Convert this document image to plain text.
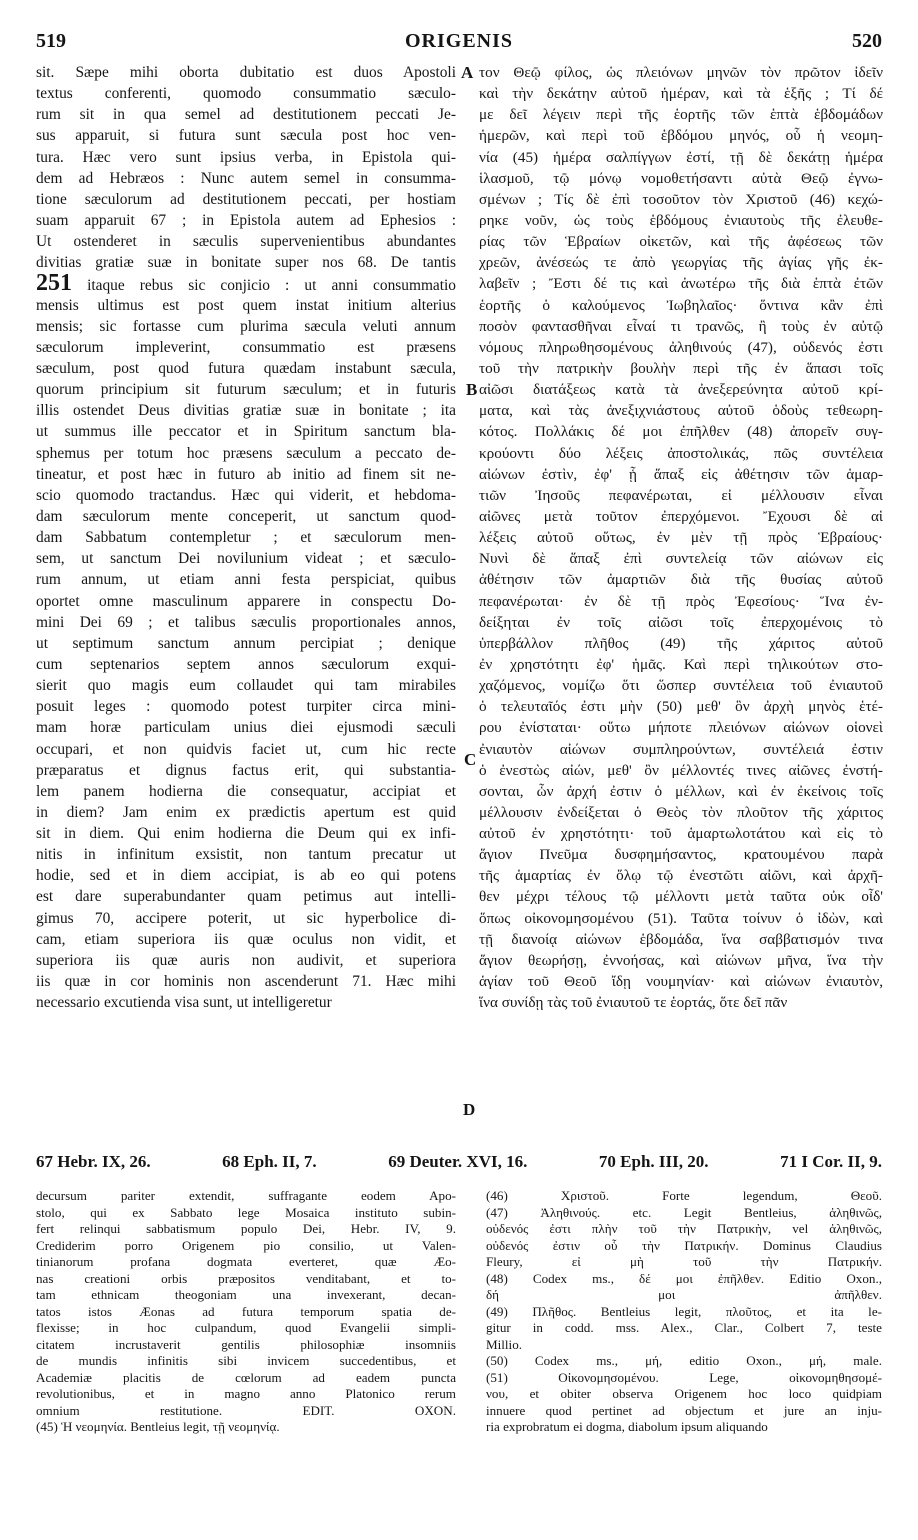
519	ORIGENIS	520
sit. Sæpe mihi oborta dubitatio est duos Apostoli
textus conferenti, quomodo consummatio sæculo-
rum sit in qua semel ad destitutionem peccati Je-
sus apparuit, si futura sunt sæcula post hoc ven-
tura. Hæc vero sunt ipsius verba, in Epistola qui-
dem ad Hebræos : Nunc autem semel in consumma-
tione sæculorum ad destitutionem peccati, per hostiam
suam apparuit 67 ; in Epistola autem ad Ephesios :
Ut ostenderet in sæculis supervenientibus abundantes
divitias gratiæ suæ in bonitate super nos 68. De tantis
251 itaque rebus sic conjicio : ut anni consummatio
mensis ultimus est post quem instat initium alterius
mensis; sic fortasse cum plurima sæcula veluti annum
sæculorum impleverint, consummatio est præsens
sæculum, post quod futura quædam instabunt sæcula,
quorum principium sit futurum sæculum; et in futuris
illis ostendet Deus divitias gratiæ suæ in bonitate ; ita
ut summus ille peccator et in Spiritum sanctum bla-
sphemus per totum hoc præsens sæculum a peccato de-
tineatur, et post hæc in futuro ab initio ad finem sit ne-
scio quomodo tractandus. Hæc qui viderit, et hebdoma-
dam sæculorum mente conceperit, ut sanctum quod-
dam Sabbatum contempletur ; et sæculorum men-
sem, ut sanctum Dei novilunium videat ; et sæculo-
rum annum, ut etiam anni festa perspiciat, quibus
oportet omne masculinum apparere in conspectu Do-
mini Dei 69 ; et talibus sæculis proportionales annos,
ut septimum sanctum annum percipiat ; denique
cum septenarios septem annos sæculorum exqui-
sierit quo magis eum collaudet qui tam mirabiles
posuit leges : quomodo potest turpiter circa mini-
mam horæ particulam unius diei ejusmodi sæculi
occupari, et non quidvis faciet ut, cum hic recte
præparatus et dignus factus erit, qui substantia-
lem panem hodierna die consequatur, accipiat et
in diem? Jam enim ex prædictis apertum est quid
sit in diem. Qui enim hodierna die Deum qui ex infi-
nitis in infinitum exsistit, non tantum precatur ut
hodie, sed et in diem accipiat, is ab eo qui potens
est dare superabundanter quam petimus aut intelli-
gimus 70, accipere poterit, ut sic hyperbolice di-
cam, etiam superiora iis quæ oculus non vidit, et
superiora iis quæ auris non audivit, et superiora
iis quæ in cor hominis non ascenderunt 71. Hæc mihi
necessario excutienda visa sunt, ut intelligeretur
τον Θεῷ φίλος, ὡς πλειόνων μηνῶν τὸν πρῶτον ἰδεῖν
καὶ τὴν δεκάτην αὐτοῦ ἡμέραν, καὶ τὰ ἑξῆς ; Τί δέ
με δεῖ λέγειν περὶ τῆς ἑορτῆς τῶν ἑπτὰ ἑβδομάδων
ἡμερῶν, καὶ περὶ τοῦ ἑβδόμου μηνός, οὗ ἡ νεομη-
νία (45) ἡμέρα σαλπίγγων ἐστί, τῇ δὲ δεκάτῃ ἡμέρα
ἱλασμοῦ, τῷ μόνῳ νομοθετήσαντι αὐτὰ Θεῷ ἐγνω-
σμένων ; Τίς δὲ ἐπὶ τοσοῦτον τὸν Χριστοῦ (46) κεχώ-
ρηκε νοῦν, ὡς τοὺς ἑβδόμους ἐνιαυτοὺς τῆς ἐλευθε-
ρίας τῶν Ἑβραίων οἰκετῶν, καὶ τῆς ἀφέσεως τῶν
χρεῶν, ἀνέσεώς τε ἀπὸ γεωργίας τῆς ἁγίας γῆς ἐκ-
λαβεῖν ; Ἔστι δέ τις καὶ ἀνωτέρω τῆς διὰ ἑπτὰ ἐτῶν
ἑορτῆς ὁ καλούμενος Ἰωβηλαῖος· ὅντινα κἂν ἐπὶ
ποσὸν φαντασθῆναι εἶναί τι τρανῶς, ἢ τοὺς ἐν αὐτῷ
νόμους πληρωθησομένους ἀληθινούς (47), οὐδενός ἐστι
τοῦ τὴν πατρικὴν βουλὴν περὶ τῆς ἐν ἅπασι τοῖς
αἰῶσι διατάξεως κατὰ τὰ ἀνεξερεύνητα αὐτοῦ κρί-
ματα, καὶ τὰς ἀνεξιχνιάστους αὐτοῦ ὁδοὺς τεθεωρη-
κότος. Πολλάκις δέ μοι ἐπῆλθεν (48) ἀπορεῖν συγ-
κρούοντι δύο λέξεις ἀποστολικάς, πῶς συντέλεια
αἰώνων ἐστὶν, ἐφ' ᾗ ἅπαξ εἰς ἀθέτησιν τῶν ἁμαρ-
τιῶν Ἰησοῦς πεφανέρωται, εἰ μέλλουσιν εἶναι
αἰῶνες μετὰ τοῦτον ἐπερχόμενοι. Ἔχουσι δὲ αἱ
λέξεις αὐτοῦ οὕτως, ἐν μὲν τῇ πρὸς Ἑβραίους·
Νυνὶ δὲ ἅπαξ ἐπὶ συντελείᾳ τῶν αἰώνων εἰς
ἀθέτησιν τῶν ἁμαρτιῶν διὰ τῆς θυσίας αὐτοῦ
πεφανέρωται· ἐν δὲ τῇ πρὸς Ἐφεσίους· Ἵνα ἐν-
δείξηται ἐν τοῖς αἰῶσι τοῖς ἐπερχομένοις τὸ
ὑπερβάλλον πλῆθος (49) τῆς χάριτος αὐτοῦ
ἐν χρηστότητι ἐφ' ἡμᾶς. Καὶ περὶ τηλικούτων στο-
χαζόμενος, νομίζω ὅτι ὥσπερ συντέλεια τοῦ ἐνιαυτοῦ
ὁ τελευταῖός ἐστι μὴν (50) μεθ' ὃν ἀρχὴ μηνὸς ἑτέ-
ρου ἐνίσταται· οὕτω μήποτε πλειόνων αἰώνων οἱονεὶ
ἐνιαυτὸν αἰώνων συμπληρούντων, συντέλειά ἐστιν
ὁ ἐνεστὼς αἰών, μεθ' ὃν μέλλοντές τινες αἰῶνες ἐνστή-
σονται, ὧν ἀρχή ἐστιν ὁ μέλλων, καὶ ἐν ἐκείνοις τοῖς
μέλλουσιν ἐνδείξεται ὁ Θεὸς τὸν πλοῦτον τῆς χάριτος
αὐτοῦ ἐν χρηστότητι· τοῦ ἁμαρτωλοτάτου καὶ εἰς τὸ
ἅγιον Πνεῦμα δυσφημήσαντος, κρατουμένου παρὰ
τῆς ἁμαρτίας ἐν ὅλῳ τῷ ἐνεστῶτι αἰῶνι, καὶ ἀρχῆ-
θεν μέχρι τέλους τῷ μέλλοντι μετὰ ταῦτα οὐκ οἶδ'
ὅπως οἰκονομησομένου (51). Ταῦτα τοίνυν ὁ ἰδὼν, καὶ
τῇ διανοίᾳ αἰώνων ἑβδομάδα, ἵνα σαββατισμόν τινα
ἅγιον θεωρήσῃ, ἐννοήσας, καὶ αἰώνων μῆνα, ἵνα τὴν
ἁγίαν τοῦ Θεοῦ ἴδῃ νουμηνίαν· καὶ αἰώνων ἐνιαυτὸν,
ἵνα συνίδῃ τὰς τοῦ ἐνιαυτοῦ τε ἑορτάς, ὅτε δεῖ πᾶν
A
B
C
D
67 Hebr. IX, 26.	68 Eph. II, 7.	69 Deuter. XVI, 16.	70 Eph. III, 20.	71 I Cor. II, 9.
decursum pariter extendit, suffragante eodem Apo-
stolo, qui ex Sabbato lege Mosaica instituto subin-
fert relinqui sabbatismum populo Dei, Hebr. IV, 9.
Crediderim porro Origenem pio consilio, ut Valen-
tinianorum profana dogmata everteret, quæ Æo-
nas creationi orbis præpositos venditabant, et to-
tam ethnicam theogoniam una invexerant, decan-
tatos istos Æonas ad futura temporum spatia de-
flexisse; in hoc culpandum, quod Evangelii simpli-
citatem incrustaverit gentilis philosophiæ insomniis
de mundis infinitis sibi invicem succedentibus, et
Academiæ placitis de cœlorum ad eadem puncta
revolutionibus, et in magno anno Platonico rerum
omnium restitutione. EDIT. OXON.
(45) Ἡ νεομηνία. Bentleius legit, τῇ νεομηνίᾳ.
(46) Χριστοῦ. Forte legendum, Θεοῦ.
(47) Ἀληθινούς. etc. Legit Bentleius, ἀληθινῶς,
οὐδενός ἐστι πλὴν τοῦ τὴν Πατρικὴν, vel ἀληθινῶς,
οὐδενός ἐστιν οὗ τὴν Πατρικήν. Dominus Claudius
Fleury, εἰ μὴ τοῦ τὴν Πατρικήν.
(48) Codex ms., δέ μοι ἐπῆλθεν. Editio Oxon.,
δή μοι ἀπῆλθεν.
(49) Πλῆθος. Bentleius legit, πλοῦτος, et ita le-
gitur in codd. mss. Alex., Clar., Colbert 7, teste
Millio.
(50) Codex ms., μή, editio Oxon., μή, male.
(51) Οἰκονομησομένου. Lege, οἰκονομηθησομέ-
νου, et obiter observa Origenem hoc loco quidpiam
innuere quod pertinet ad objectum et jure an inju-
ria exprobratum ei dogma, diabolum ipsum aliquando
